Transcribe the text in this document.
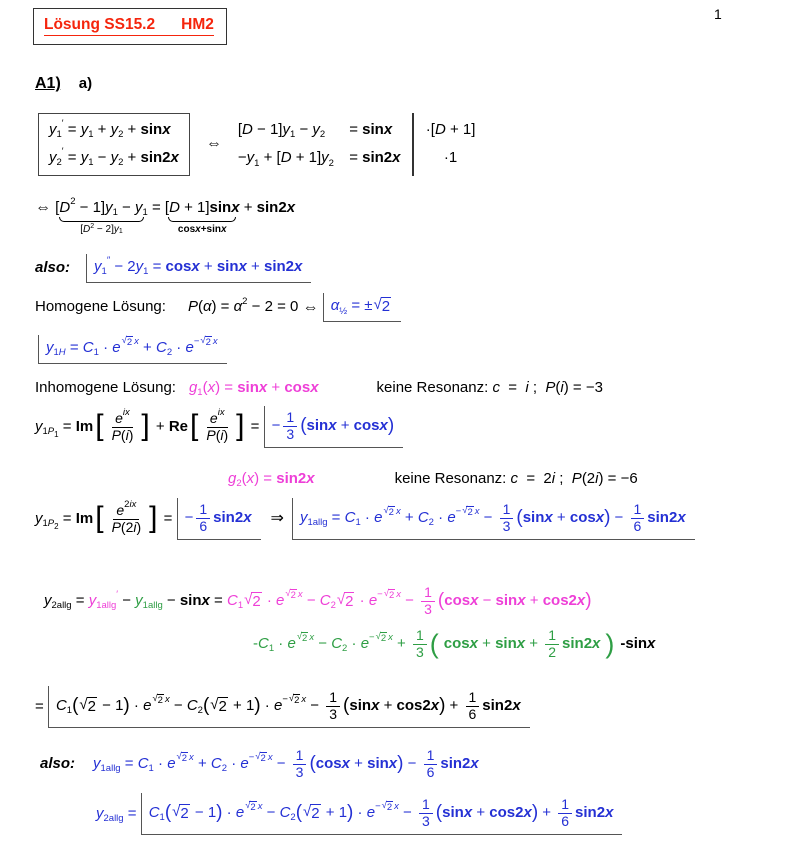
Lösung SS15.2 HM2
1
A1) a)
y 1
′ = y 1 + y 2 + sin x
y 2
′ = y 1 − y 2 + sin2 x
⇔
[ D − 1] y 1 − y 2 = sin x
− y 1 + [ D + 1] y 2 = sin2 x
·[ D + 1]
·1
⇔
[ D 2 − 1] y 1 − y 1
[ D 2 − 2] y 1
= [ D + 1] sin x
cos x + sin x
+ sin2 x
also: y 1
″ − 2 y 1 = cos x + sin x + sin2 x
Homogene Lösung: P ( α ) = α 2 − 2 = 0 ⇔
α ½ = ± √ 2
y 1 H = C 1 · e √ 2 x + C 2 · e − √ 2 x
Inhomogene Lösung: g 1 ( x ) = sin x + cos x	keine Resonanz: c = i ; P ( i ) = −3
y 1 P 1 = Im [ $\frac{\text{e ix}}{P ( i )}$ ] + Re [ $\frac{\text{e ix}}{P ( i )}$ ] = − $\frac{1}{3}$ ( sin x + cos x )
g 2 ( x ) = sin2 x	keine Resonanz: c =  2 i ; P (2 i ) = −6
y 1 P 2 = Im [ $\frac{e 2 ix}{P (2 i )}$ ] = − $\frac{1}{6} \sin 2$ x ⇒ y 1allg = C 1 · e √ 2 x + C 2 · e − √ 2 $x - \frac{1}{3}$ ( sin x + cos x ) − $\frac{1}{6} \sin 2$ x
y 2allg = y 1allg
′ − y 1allg − sin x = C 1 √ 2 · e √ 2 x − C 2 √ 2 · e − √ 2 $x - \frac{1}{3}$ ( cos x − sin x + cos2 x )
- C 1 · e √ 2 x − C 2 · e − √ 2 $x + \frac{1}{3}$ ( $\cos x + \sin x + \frac{1}{2} \sin 2$ x ) -sin x
= C 1 ( √ 2 − 1 ) · e √ 2 x − C 2 ( √ 2 + 1 ) · e − √ 2 $x - \frac{1}{3}$ ( sin x + cos2 x ) + $\frac{1}{6} \sin 2$ x
also: y 1allg = C 1 · e √ 2 x + C 2 · e − √ 2 $x - \frac{1}{3}$ ( cos x + sin x ) − $\frac{1}{6} \sin 2$ x
y 2allg = C 1 ( √ 2 − 1 ) · e √ 2 x − C 2 ( √ 2 + 1 ) · e − √ 2 $x - \frac{1}{3}$ ( sin x + cos2 x ) + $\frac{1}{6} \sin 2$ x
